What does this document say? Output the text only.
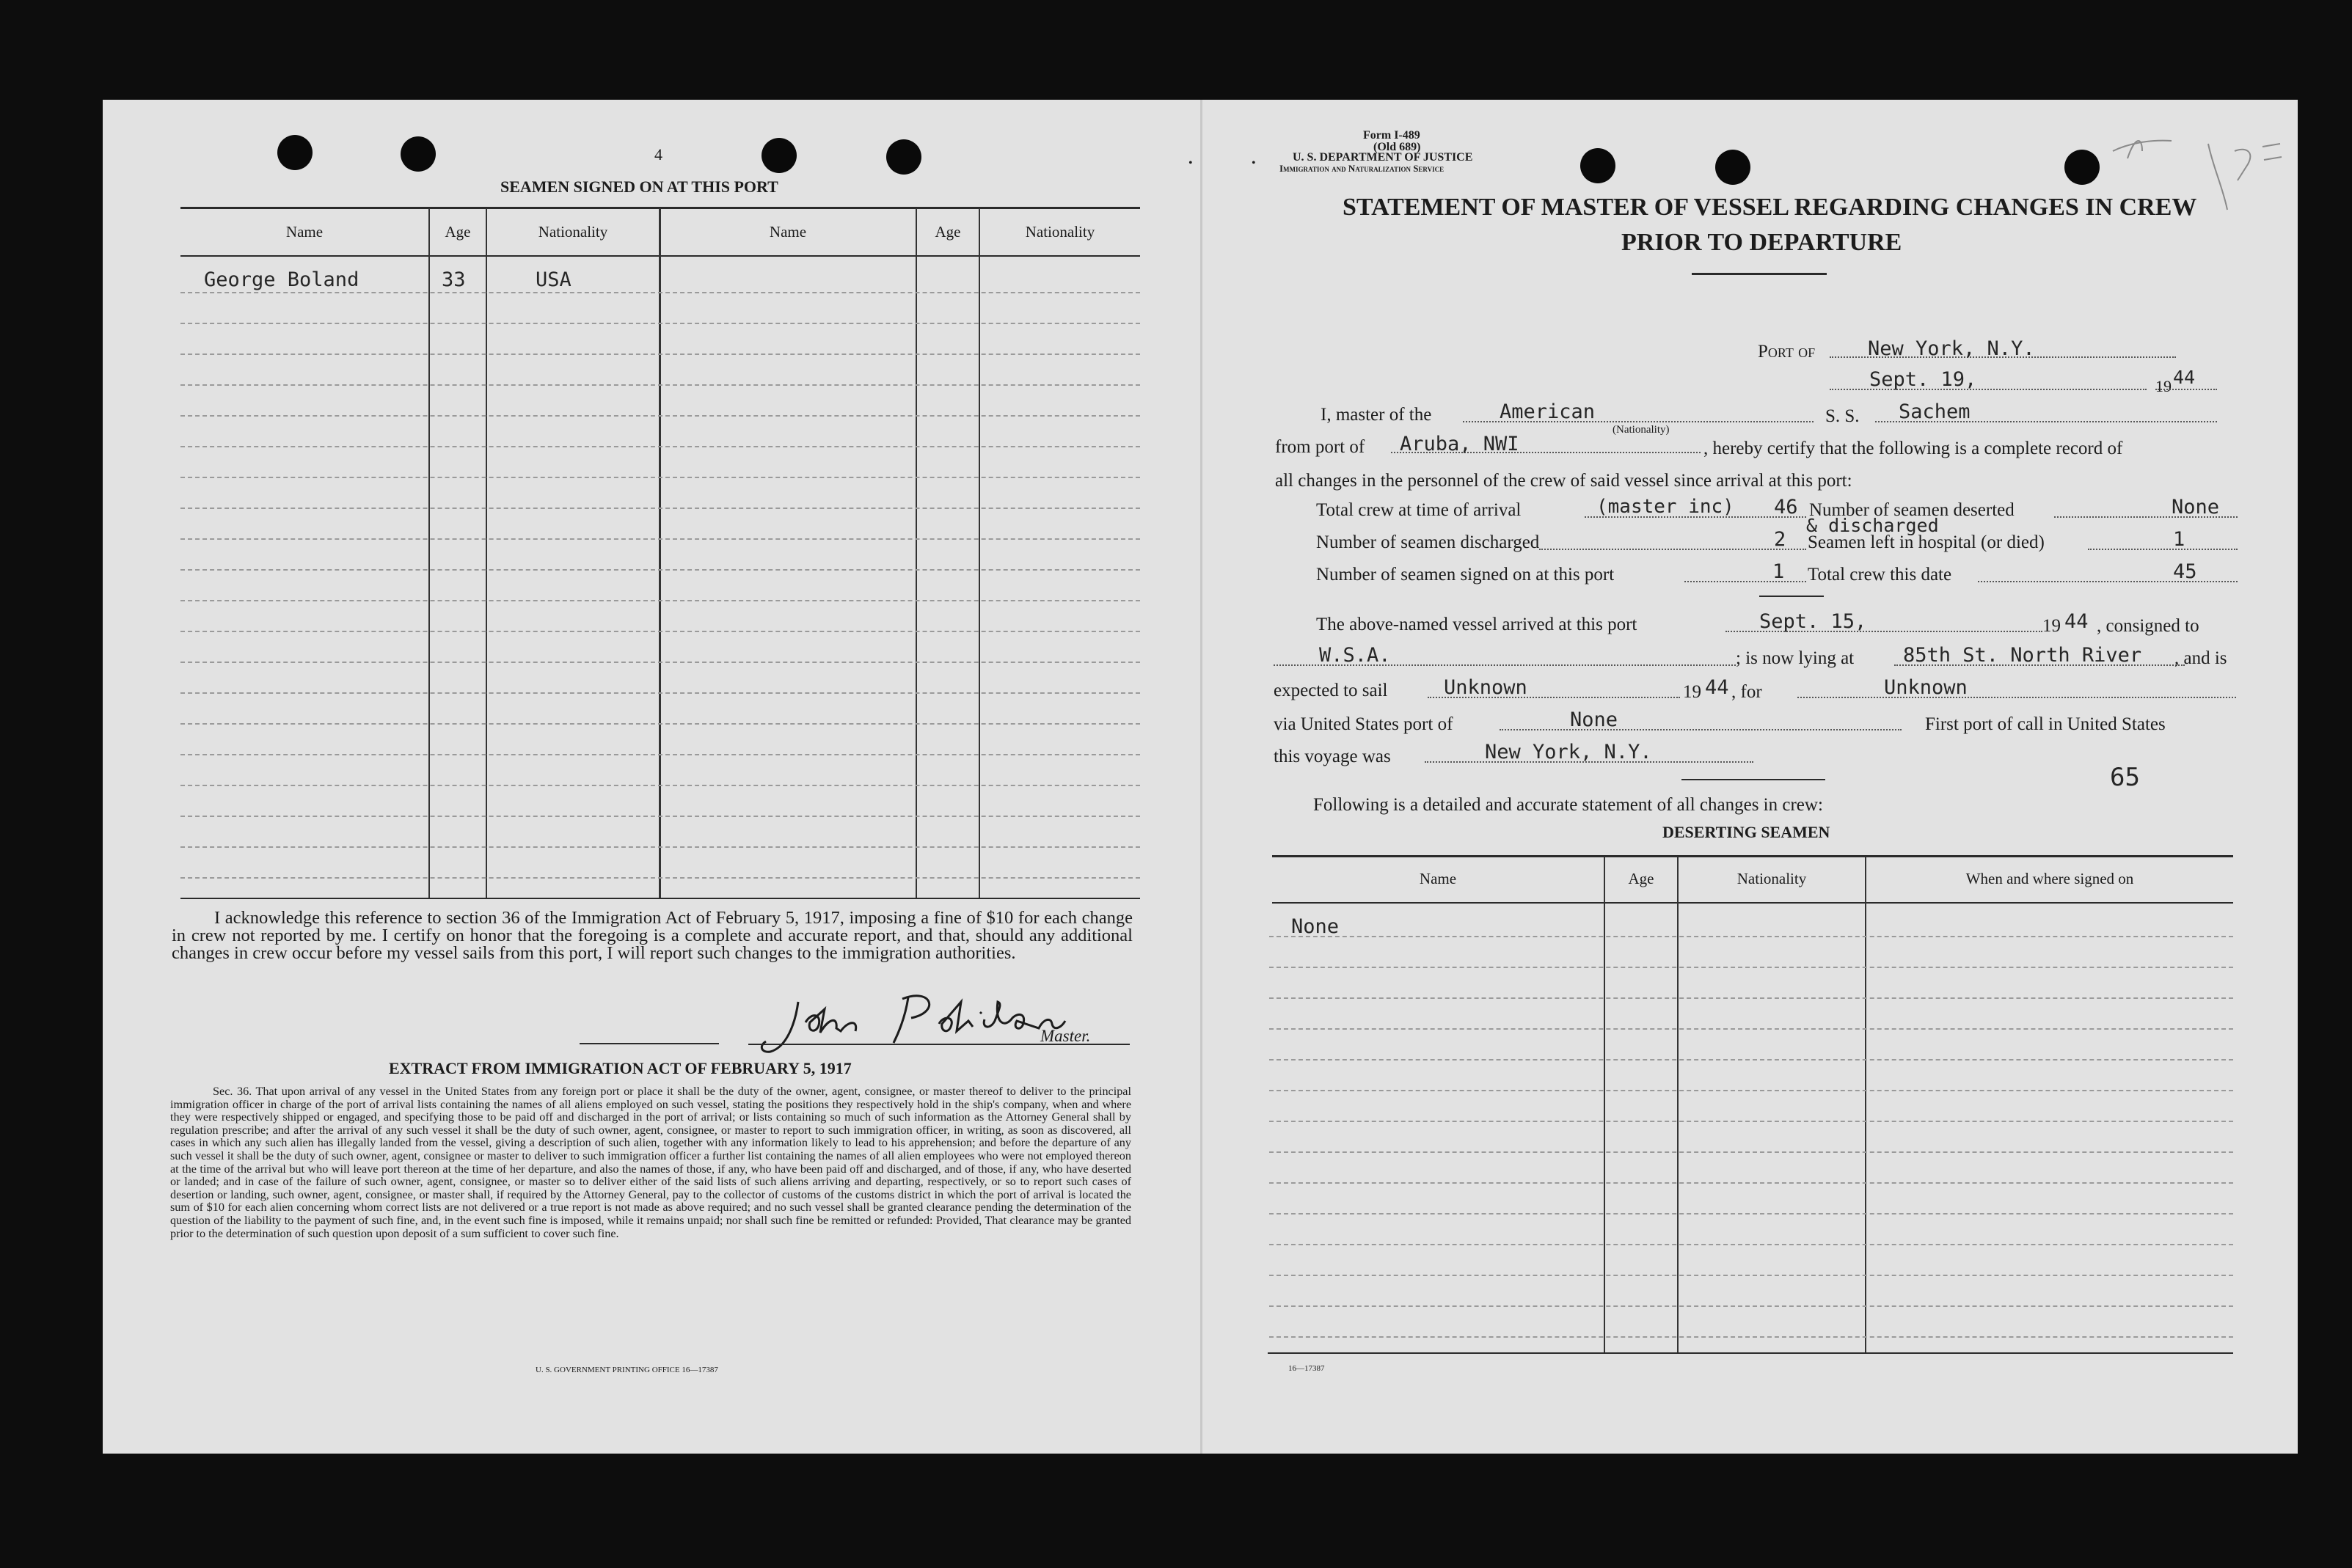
4
SEAMEN SIGNED ON AT THIS PORT
Name	Age	Nationality	Name	Age	Nationality
George Boland	33	USA
I acknowledge this reference to section 36 of the Immigration Act of February 5, 1917, imposing a fine of $10 for each change in crew not reported by me. I certify on honor that the foregoing is a complete and accurate report, and that, should any additional changes in crew occur before my vessel sails from this port, I will report such changes to the immigration authorities.
Master.
EXTRACT FROM IMMIGRATION ACT OF FEBRUARY 5, 1917
Sec. 36. That upon arrival of any vessel in the United States from any foreign port or place it shall be the duty of the owner, agent, consignee, or master thereof to deliver to the principal immigration officer in charge of the port of arrival lists containing the names of all aliens employed on such vessel, stating the positions they respectively hold in the ship's company, when and where they were respectively shipped or engaged, and specifying those to be paid off and discharged in the port of arrival; or lists containing so much of such information as the Attorney General shall by regulation prescribe; and after the arrival of any such vessel it shall be the duty of such owner, agent, consignee, or master to report to such immigration officer, in writing, as soon as discovered, all cases in which any such alien has illegally landed from the vessel, giving a description of such alien, together with any information likely to lead to his apprehension; and before the departure of any such vessel it shall be the duty of such owner, agent, consignee or master to deliver to such immigration officer a further list containing the names of all alien employees who were not employed thereon at the time of the arrival but who will leave port thereon at the time of her departure, and also the names of those, if any, who have been paid off and discharged, and of those, if any, who have deserted or landed; and in case of the failure of such owner, agent, consignee, or master so to deliver either of the said lists of such aliens arriving and departing, respectively, or so to report such cases of desertion or landing, such owner, agent, consignee, or master shall, if required by the Attorney General, pay to the collector of customs of the customs district in which the port of arrival is located the sum of $10 for each alien concerning whom correct lists are not delivered or a true report is not made as above required; and no such vessel shall be granted clearance pending the determination of the question of the liability to the payment of such fine, and, in the event such fine is imposed, while it remains unpaid; nor shall such fine be remitted or refunded: Provided, That clearance may be granted prior to the determination of such question upon deposit of a sum sufficient to cover such fine.
U. S. GOVERNMENT PRINTING OFFICE 16—17387
Form I-489
(Old 689)
U. S. DEPARTMENT OF JUSTICE
Immigration and Naturalization Service
•	•
STATEMENT OF MASTER OF VESSEL REGARDING CHANGES IN CREW
PRIOR TO DEPARTURE
Port of	New York, N.Y.
Sept. 19,	19 44
I, master of the	American
(Nationality)
S. S. Sachem
from port of Aruba, NWI	, hereby certify that the following is a complete record of
all changes in the personnel of the crew of said vessel since arrival at this port:
Total crew at time of arrival	(master inc) 46 Number of seamen deserted	None
& discharged
Number of seamen discharged	2 Seamen left in hospital (or died)	1
Number of seamen signed on at this port	1 Total crew this date	45
The above-named vessel arrived at this port	Sept. 15,	19 44 , consigned to
W.S.A.	; is now lying at 85th St. North River , and is
expected to sail	Unknown	19 44 , for	Unknown
via United States port of	None	First port of call in United States
this voyage was	New York, N.Y.
65
Following is a detailed and accurate statement of all changes in crew:
DESERTING SEAMEN
Name	Age	Nationality	When and where signed on
None
16—17387
